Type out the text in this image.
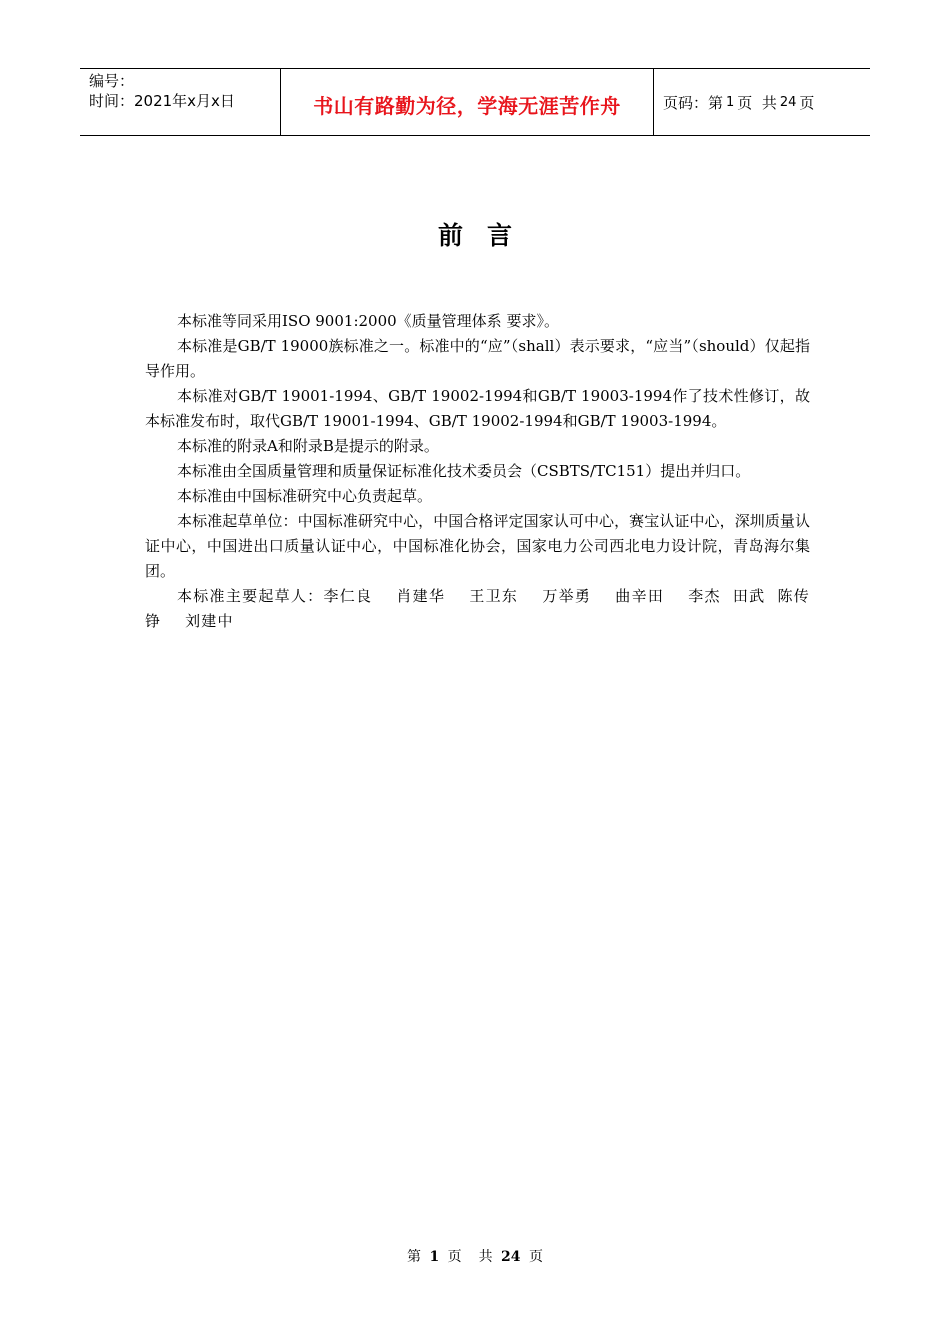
编号：
时间：2021年x月x日	书山有路勤为径，学海无涯苦作舟	页码：第 1 页  共 24 页
前言

本标准等同采用ISO 9001:2000《质量管理体系 要求》。

本标准是GB/T 19000族标准之一。标准中的“应”（shall）表示要求，“应当”（should）仅起指导作用。

本标准对GB/T 19001-1994、GB/T 19002-1994和GB/T 19003-1994作了技术性修订，故本标准发布时，取代GB/T 19001-1994、GB/T 19002-1994和GB/T 19003-1994。

本标准的附录A和附录B是提示的附录。

本标准由全国质量管理和质量保证标准化技术委员会（CSBTS/TC151）提出并归口。

本标准由中国标准研究中心负责起草。

本标准起草单位：中国标准研究中心，中国合格评定国家认可中心，赛宝认证中心，深圳质量认证中心，中国进出口质量认证中心，中国标准化协会，国家电力公司西北电力设计院，青岛海尔集团。

本标准主要起草人：李仁良    肖建华    王卫东    万举勇    曲辛田    李杰  田武  陈传铮    刘建中

第 1 页  共 24 页
